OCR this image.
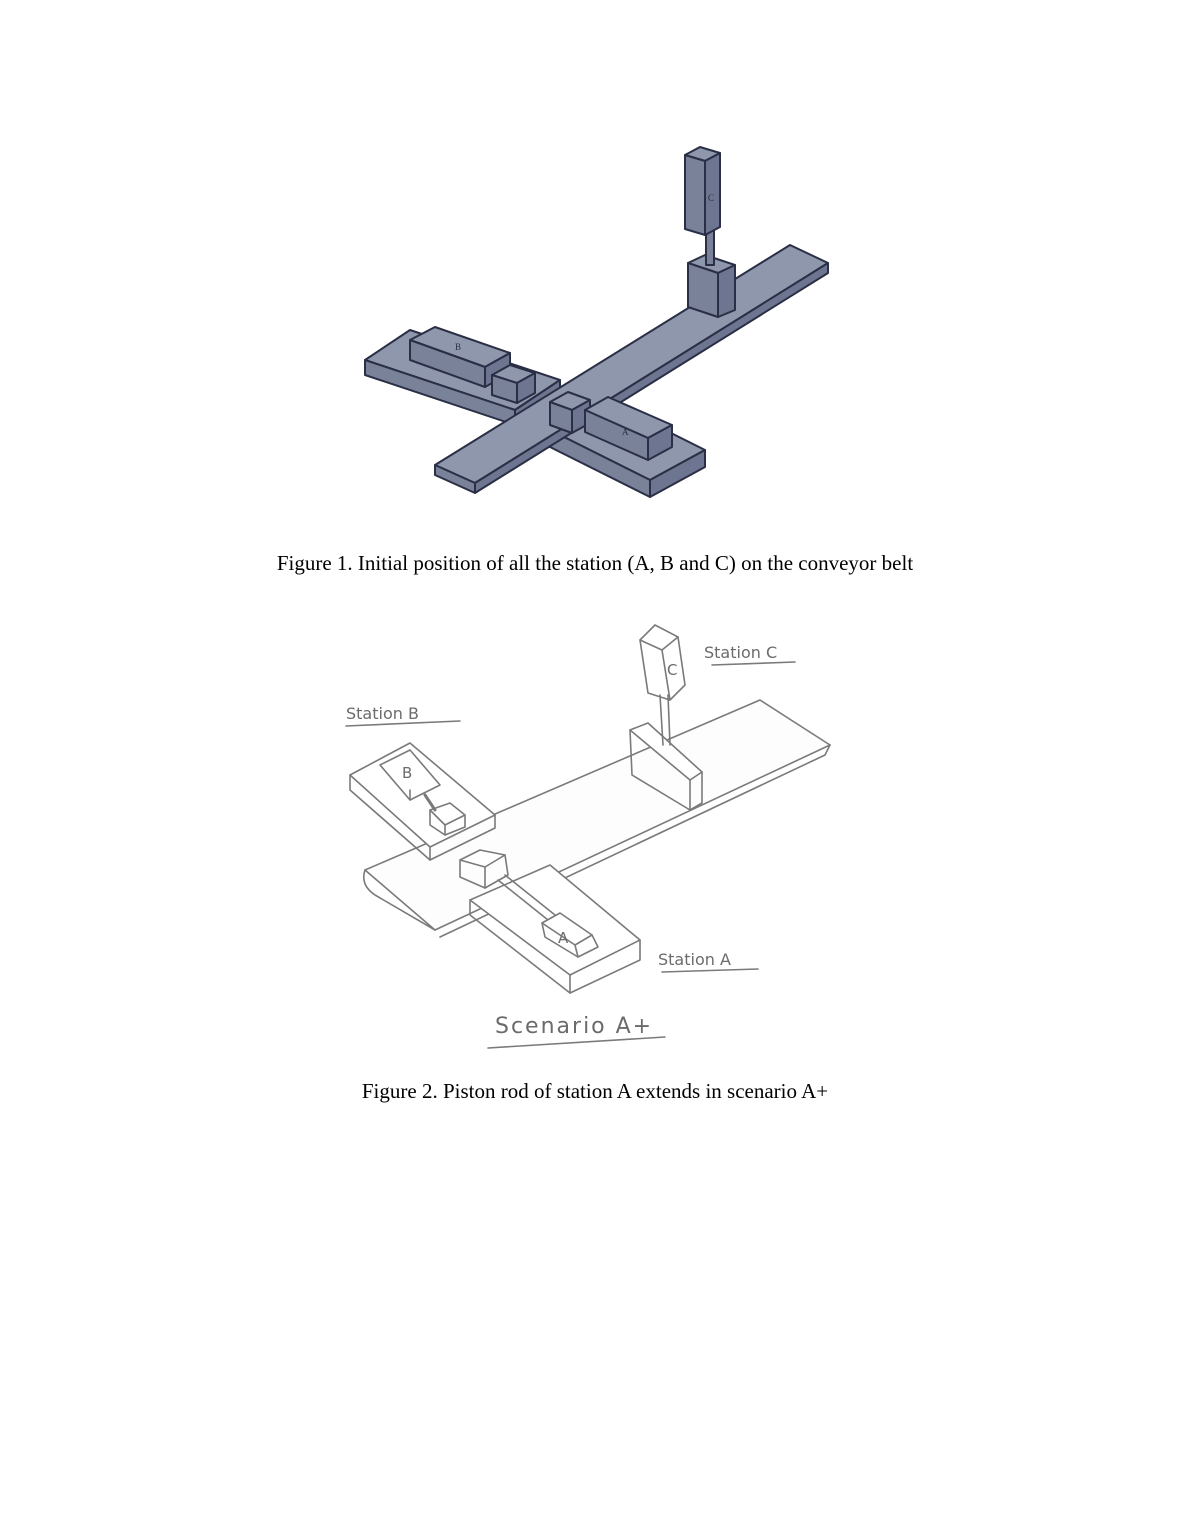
B
A
C
Figure 1. Initial position of all the station (A, B and C) on the conveyor belt
B
A
C
Station B
Station C
Station A
Scenario A+
Figure 2. Piston rod of station A extends in scenario A+
